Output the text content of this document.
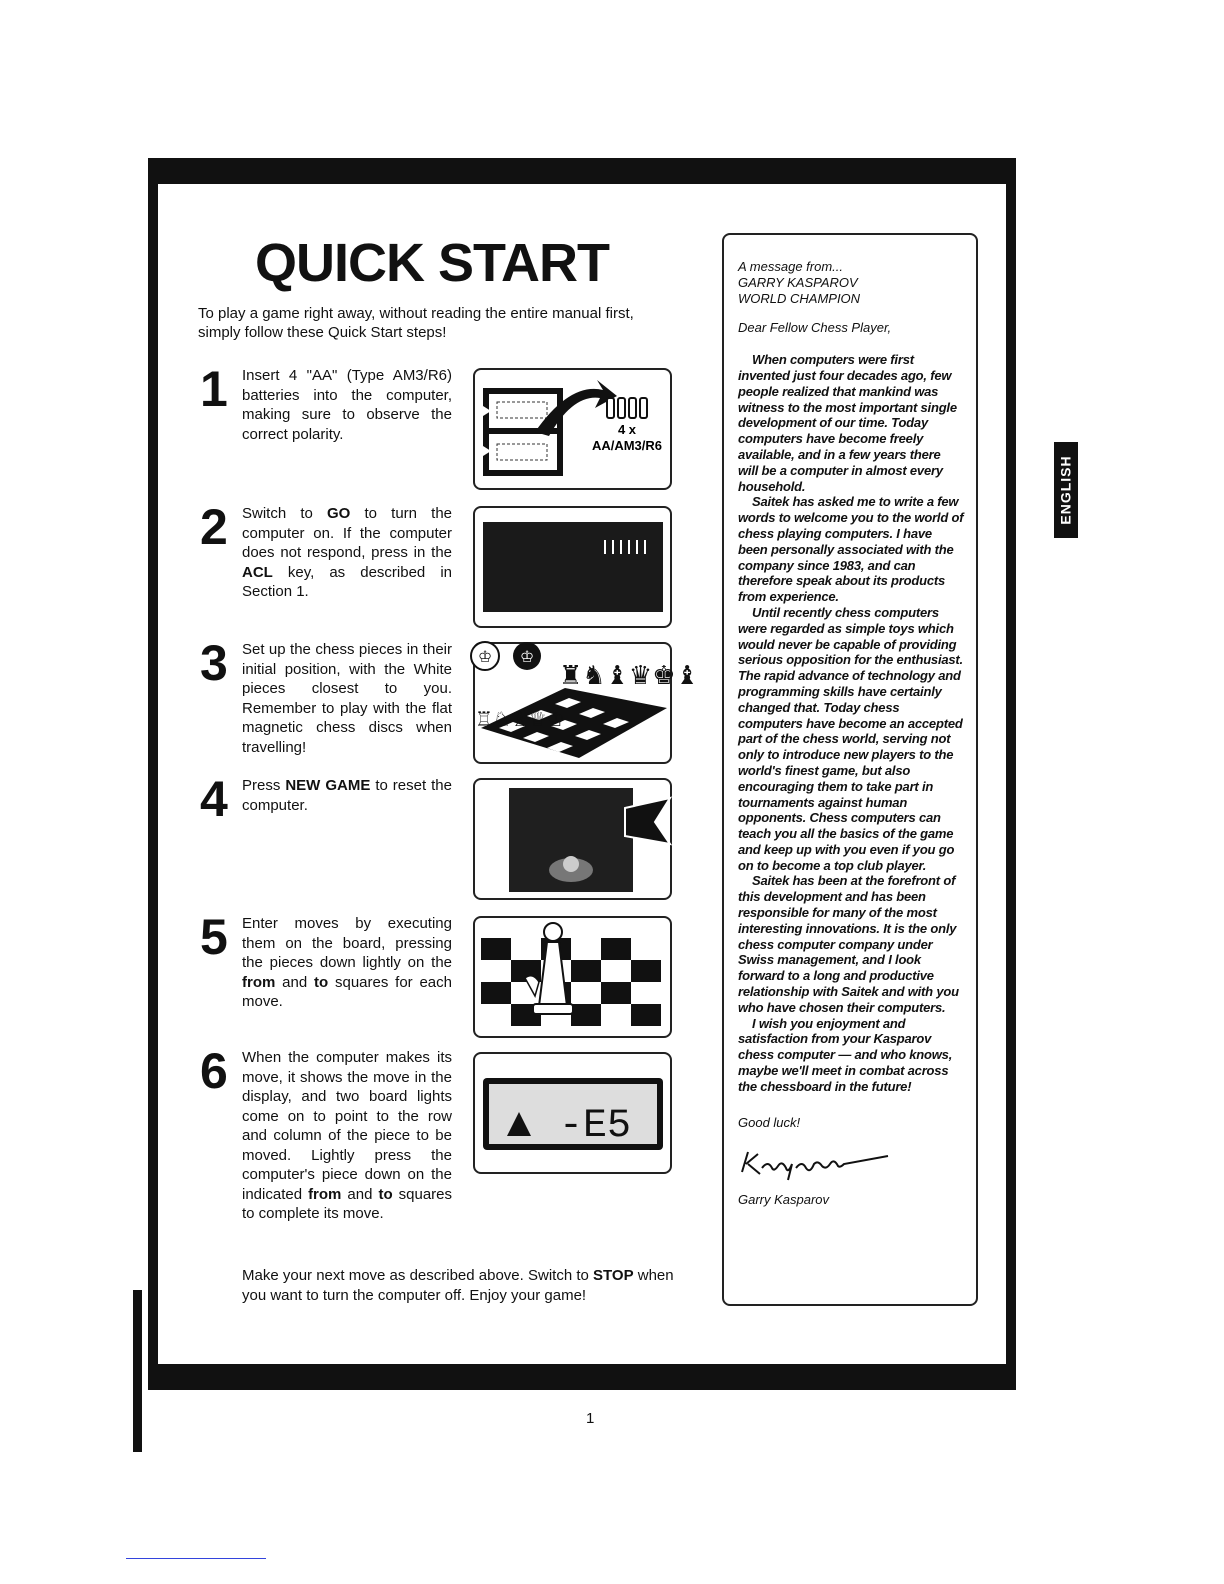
QUICK START
To play a game right away, without reading the entire manual first, simply follow these Quick Start steps!
1 Insert 4 "AA" (Type AM3/R6) batteries into the computer, making sure to observe the correct polarity.	4 x
AA/AM3/R6
2 Switch to GO to turn the computer on. If the computer does not respond, press in the ACL key, as described in Section 1.
3 Set up the chess pieces in their initial position, with the White pieces closest to you. Remember to play with the flat magnetic chess discs when travelling!
♔ ♔
♜♞♝♛♚♝
♖♘♗♕♔
4 Press NEW GAME to reset the computer.
5 Enter moves by executing them on the board, pressing the pieces down lightly on the from and to squares for each move.
6 When the computer makes its move, it shows the move in the display, and two board lights come on to point to the row and column of the piece to be moved. Lightly press the computer's piece down on the indicated from and to squares to complete its move.
-E5
Make your next move as described above. Switch to STOP when you want to turn the computer off. Enjoy your game!

A message from...
GARRY KASPAROV
WORLD CHAMPION

Dear Fellow Chess Player,

When computers were first invented just four decades ago, few people realized that mankind was witness to the most important single development of our time. Today computers have become freely available, and in a few years there will be a computer in almost every household.

Saitek has asked me to write a few words to welcome you to the world of chess playing computers. I have been personally associated with the company since 1983, and can therefore speak about its products from experience.

Until recently chess computers were regarded as simple toys which would never be capable of providing serious opposition for the enthusiast. The rapid advance of technology and programming skills have certainly changed that. Today chess computers have become an accepted part of the chess world, serving not only to introduce new players to the world's finest game, but also encouraging them to take part in tournaments against human opponents. Chess computers can teach you all the basics of the game and keep up with you even if you go on to become a top club player.

Saitek has been at the forefront of this development and has been responsible for many of the most interesting innovations. It is the only chess computer company under Swiss management, and I look forward to a long and productive relationship with Saitek and with you who have chosen their computers.

I wish you enjoyment and satisfaction from your Kasparov chess computer — and who knows, maybe we'll meet in combat across the chessboard in the future!

Good luck!

Garry Kasparov

ENGLISH
1
